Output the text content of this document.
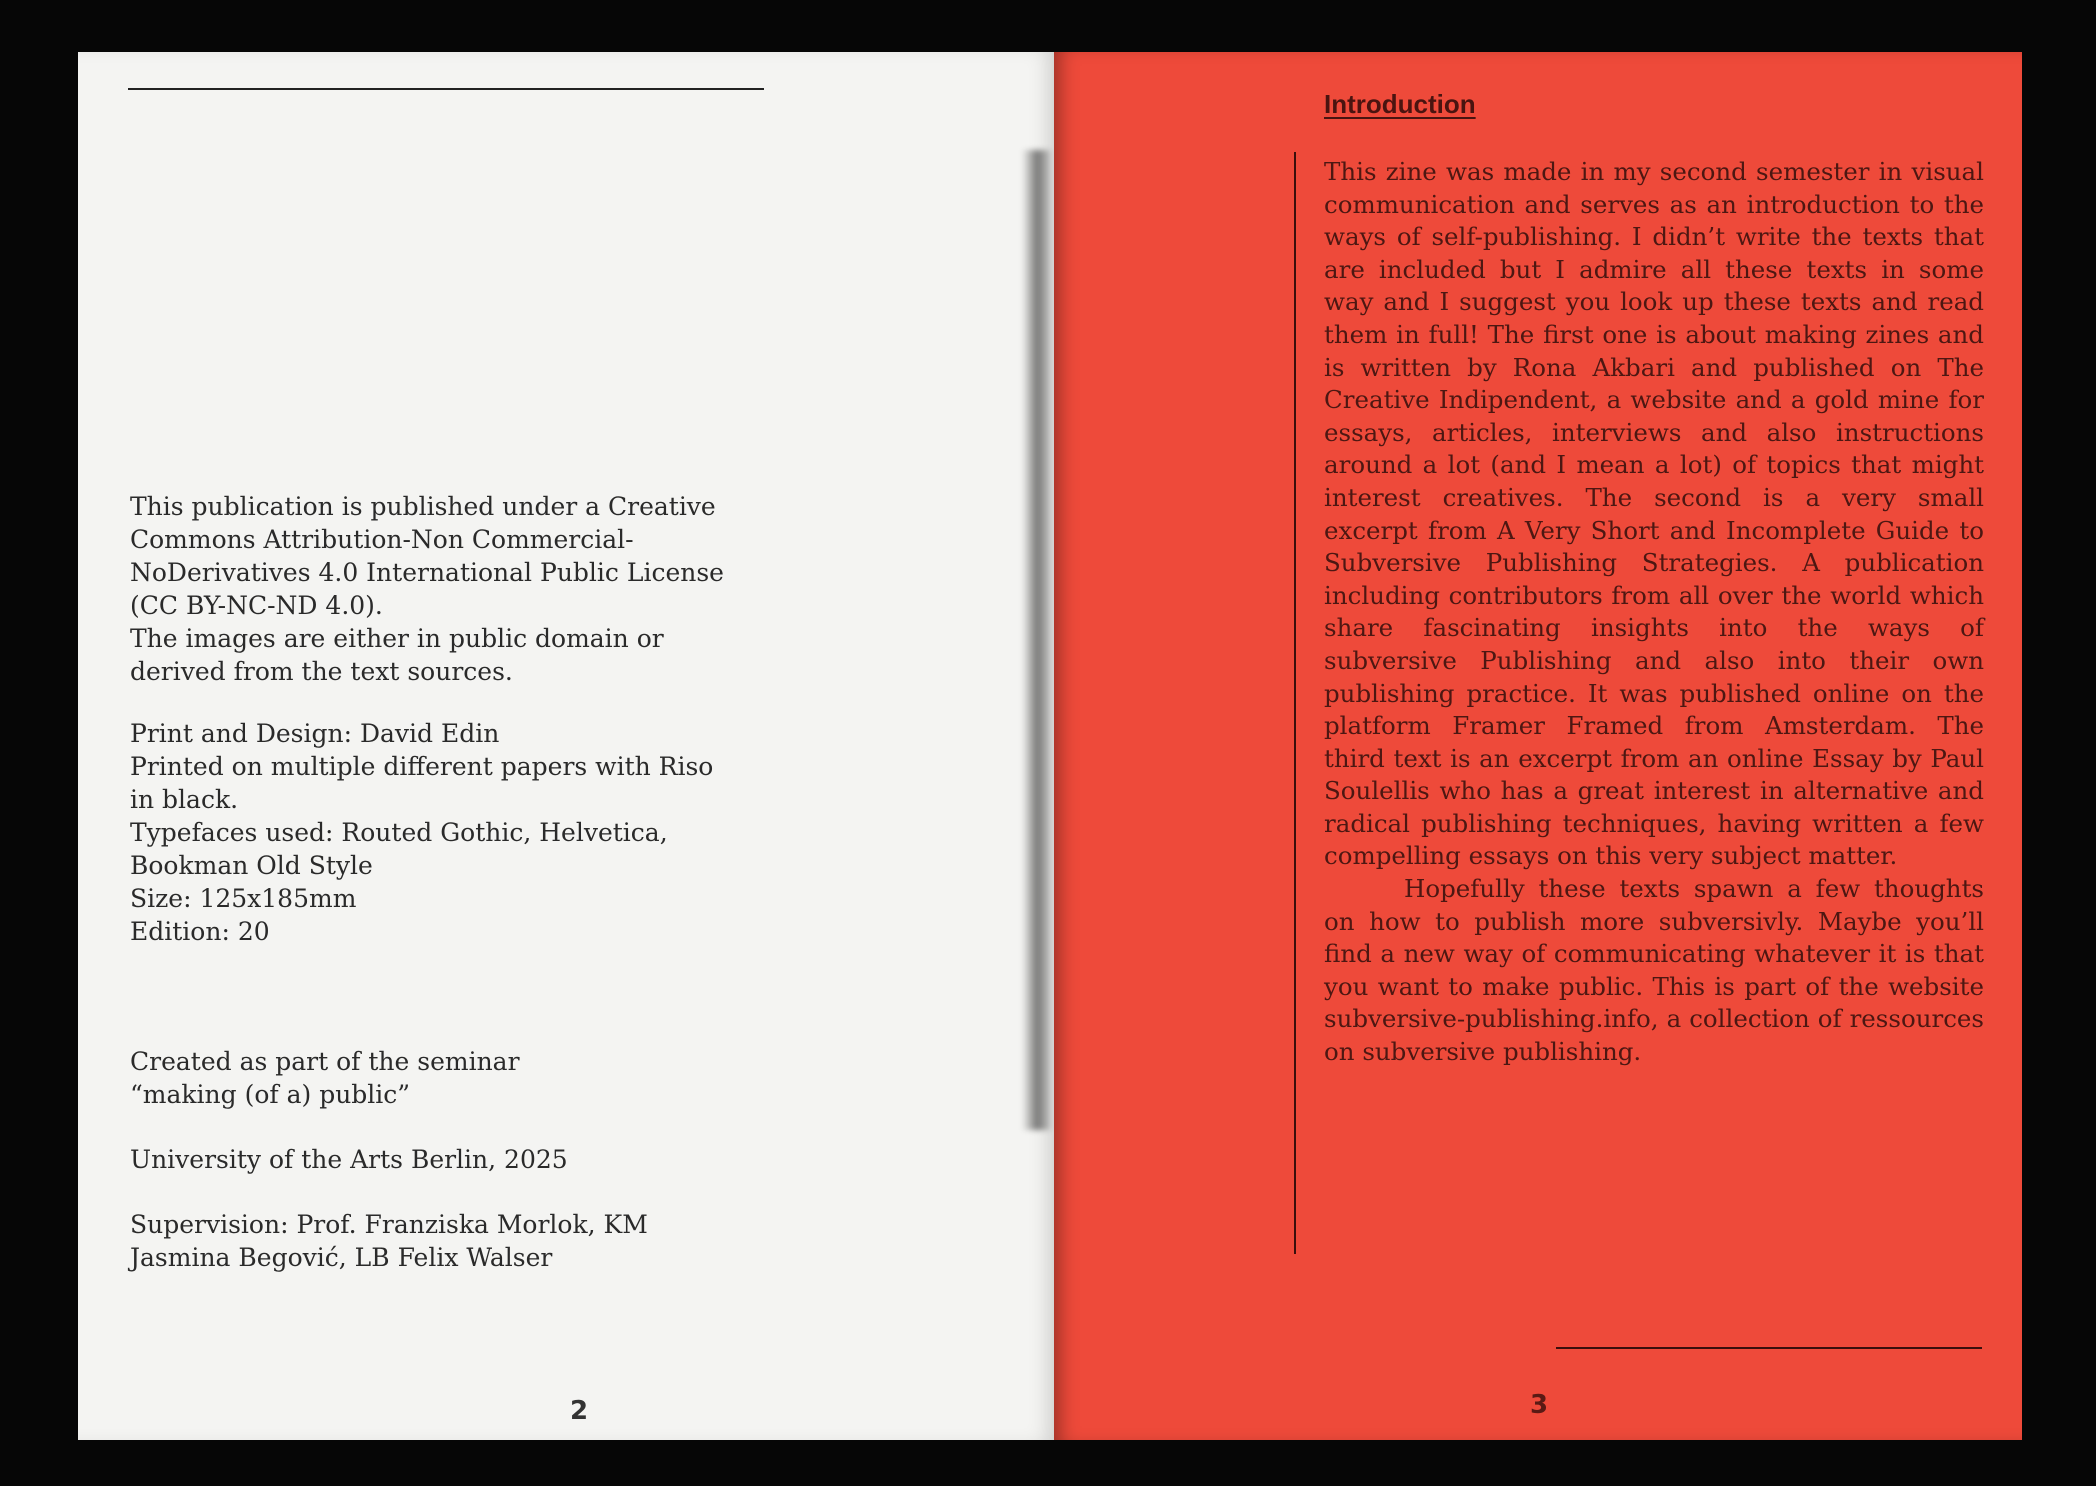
This publication is published under a Creative
Commons Attribution-Non Commercial-
NoDerivatives 4.0 International Public License
(CC BY-NC-ND 4.0).
The images are either in public domain or
derived from the text sources.

Print and Design: David Edin
Printed on multiple different papers with Riso
in black.
Typefaces used: Routed Gothic, Helvetica,
Bookman Old Style
Size: 125x185mm
Edition: 20

Created as part of the seminar
“making (of a) public”

University of the Arts Berlin, 2025

Supervision: Prof. Franziska Morlok, KM
Jasmina Begović, LB Felix Walser

2
Introduction

This zine was made in my second semester in visual communication and serves as an introduction to the ways of self-publishing. I didn’t write the texts that are included but I admire all these texts in some way and I suggest you look up these texts and read them in full! The first one is about making zines and is written by Rona Akbari and published on The Creative Indipendent, a website and a gold mine for essays, articles, interviews and also instructions around a lot (and I mean a lot) of topics that might interest creatives. The second is a very small excerpt from A Very Short and Incomplete Guide to Subversive Publishing Strategies. A publication including contributors from all over the world which share fascinating insights into the ways of subversive Publishing and also into their own publishing practice. It was published online on the platform Framer Framed from Amsterdam. The third text is an excerpt from an online Essay by Paul Soulellis who has a great interest in alternative and radical publishing techniques, having written a few compelling essays on this very subject matter.

Hopefully these texts spawn a few thoughts on how to publish more subversivly. Maybe you’ll find a new way of communicating whatever it is that you want to make public. This is part of the website subversive-publishing.info, a collection of ressources on subversive publishing.

3
